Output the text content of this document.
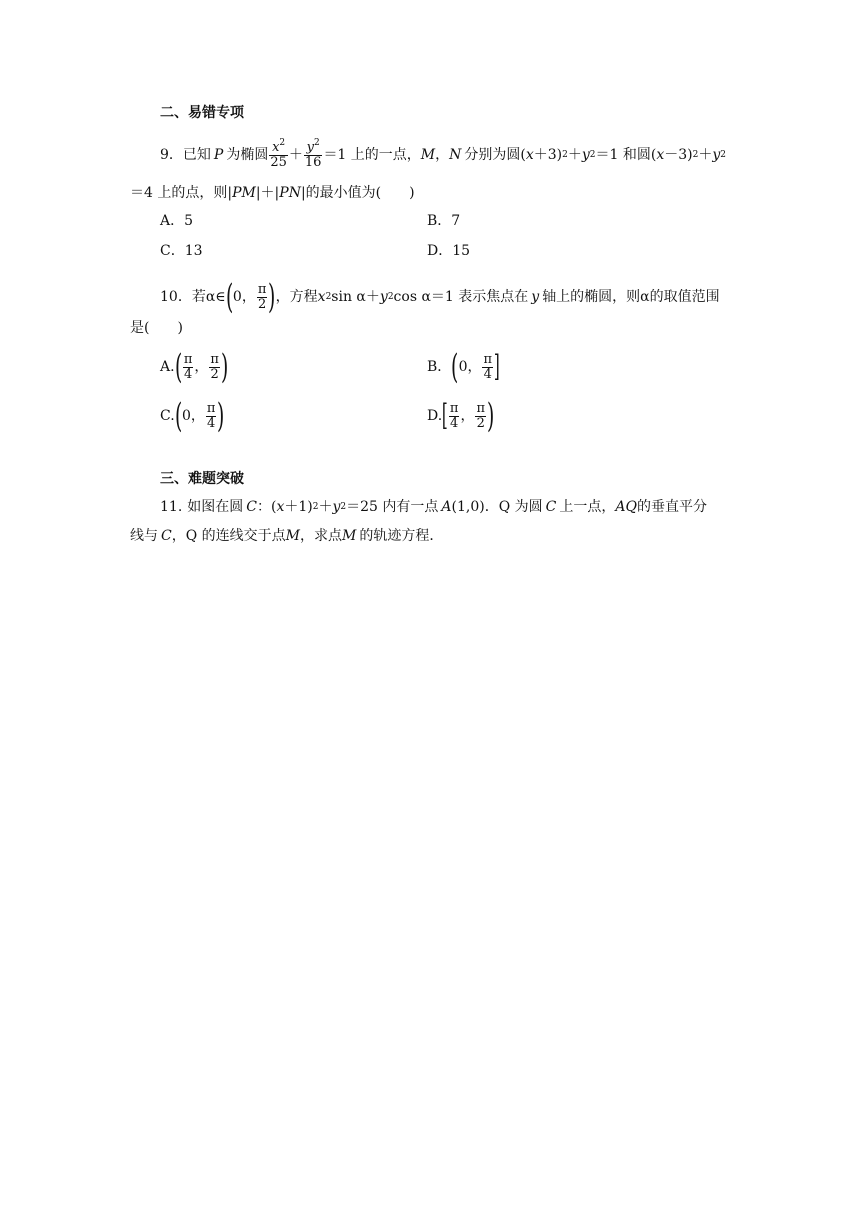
二、易错专项
9． 已知 P 为椭圆 $\frac{x^2}{25} + \frac{y^2}{16} =1$ 上的一点， M ， N 分别为圆( x ＋3) 2 ＋ y 2 ＝1 和圆( x －3) 2 ＋ y 2
＝4 上的点，则| PM |＋| PN |的最小值为(　　)
A．5	B．7
C．13	D．15
10． 若α∈ ( 0 ， $\frac{\pi}{2}$ ) ，方程 x 2 sin α＋ y 2 cos α＝1 表示焦点在 y 轴上的椭圆，则α的取值范围
是(　　)
A. ( $\frac{\pi}{4}$ ， $\frac{\pi}{2}$ )	B． ( 0 ， $\frac{\pi}{4}$ ]
C. ( 0 ， $\frac{\pi}{4}$ )	D. [ $\frac{\pi}{4}$ ， $\frac{\pi}{2}$ )
三、难题突破
11. 如图在圆 C ：( x ＋1) 2 ＋ y 2 ＝25 内有一点 A (1,0)．Q 为圆 C 上一点， AQ 的垂直平分
线与 C ，Q 的连线交于点 M ，求点 M 的轨迹方程．
